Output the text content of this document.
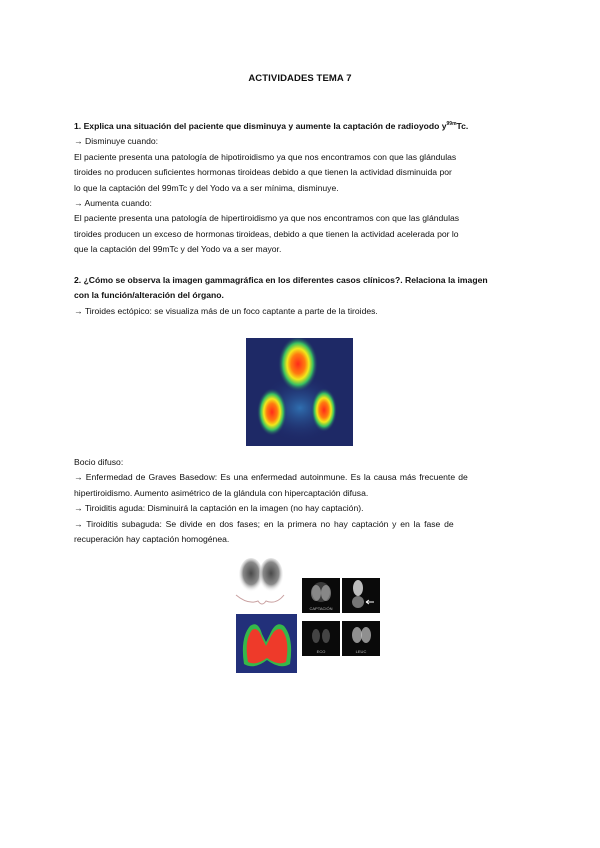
ACTIVIDADES TEMA 7
1. Explica una situación del paciente que disminuya y aumente la captación de radioyodo $y^{99m}Tc$.
→ Disminuye cuando:
El paciente presenta una patología de hipotiroidismo ya que nos encontramos con que las glándulas
tiroides no producen suficientes hormonas tiroideas debido a que tienen la actividad disminuida por
lo que la captación del 99mTc y del Yodo va a ser mínima, disminuye.
→ Aumenta cuando:
El paciente presenta una patología de hipertiroidismo ya que nos encontramos con que las glándulas
tiroides producen un exceso de hormonas tiroideas, debido a que tienen la actividad acelerada por lo
que la captación del 99mTc y del Yodo va a ser mayor.
2. ¿Cómo se observa la imagen gammagráfica en los diferentes casos clínicos?. Relaciona la imagen
con la función/alteración del órgano.
→ Tiroides ectópico: se visualiza más de un foco captante a parte de la tiroides.
Bocio difuso:
→ Enfermedad de Graves Basedow: Es una enfermedad autoinmune. Es la causa más frecuente de
hipertiroidismo. Aumento asimétrico de la glándula con hipercaptación difusa.
→ Tiroiditis aguda: Disminuirá la captación en la imagen (no hay captación).
→ Tiroiditis subaguda: Se divide en dos fases; en la primera no hay captación y en la fase de
recuperación hay captación homogénea.
CAPTACIÓN
ECO	LEUC
